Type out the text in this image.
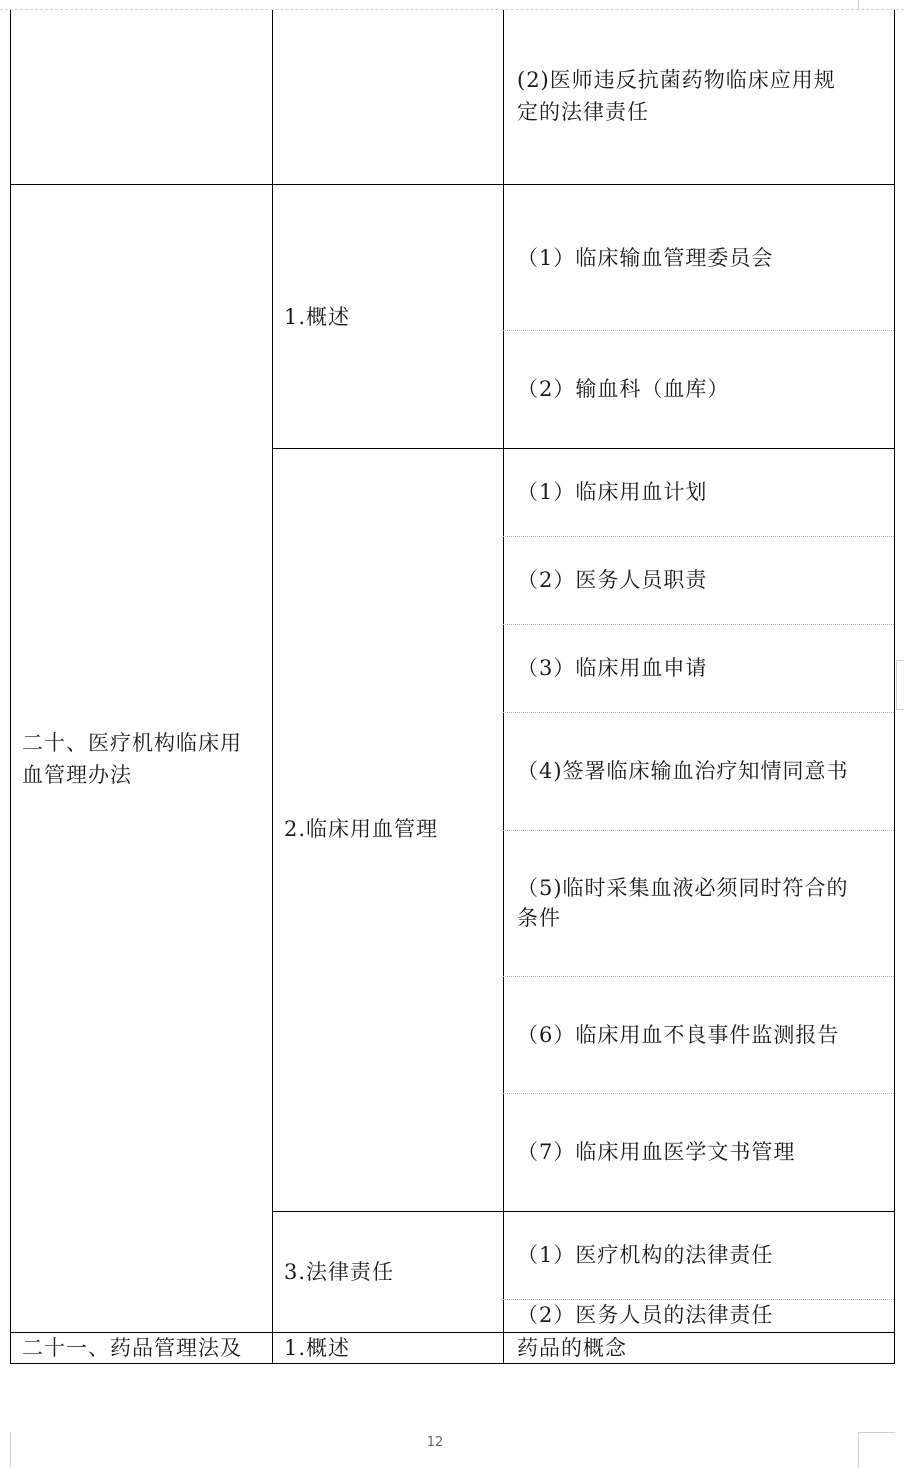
(2)医师违反抗菌药物临床应用规
定的法律责任
二十、医疗机构临床用
血管理办法
1.概述
（1）临床输血管理委员会
（2）输血科（血库）
2.临床用血管理
（1）临床用血计划
（2）医务人员职责
（3）临床用血申请
（4)签署临床输血治疗知情同意书
（5)临时采集血液必须同时符合的
条件
（6）临床用血不良事件监测报告
（7）临床用血医学文书管理
3.法律责任
（1）医疗机构的法律责任
（2）医务人员的法律责任
二十一、药品管理法及 1.概述	药品的概念
12
